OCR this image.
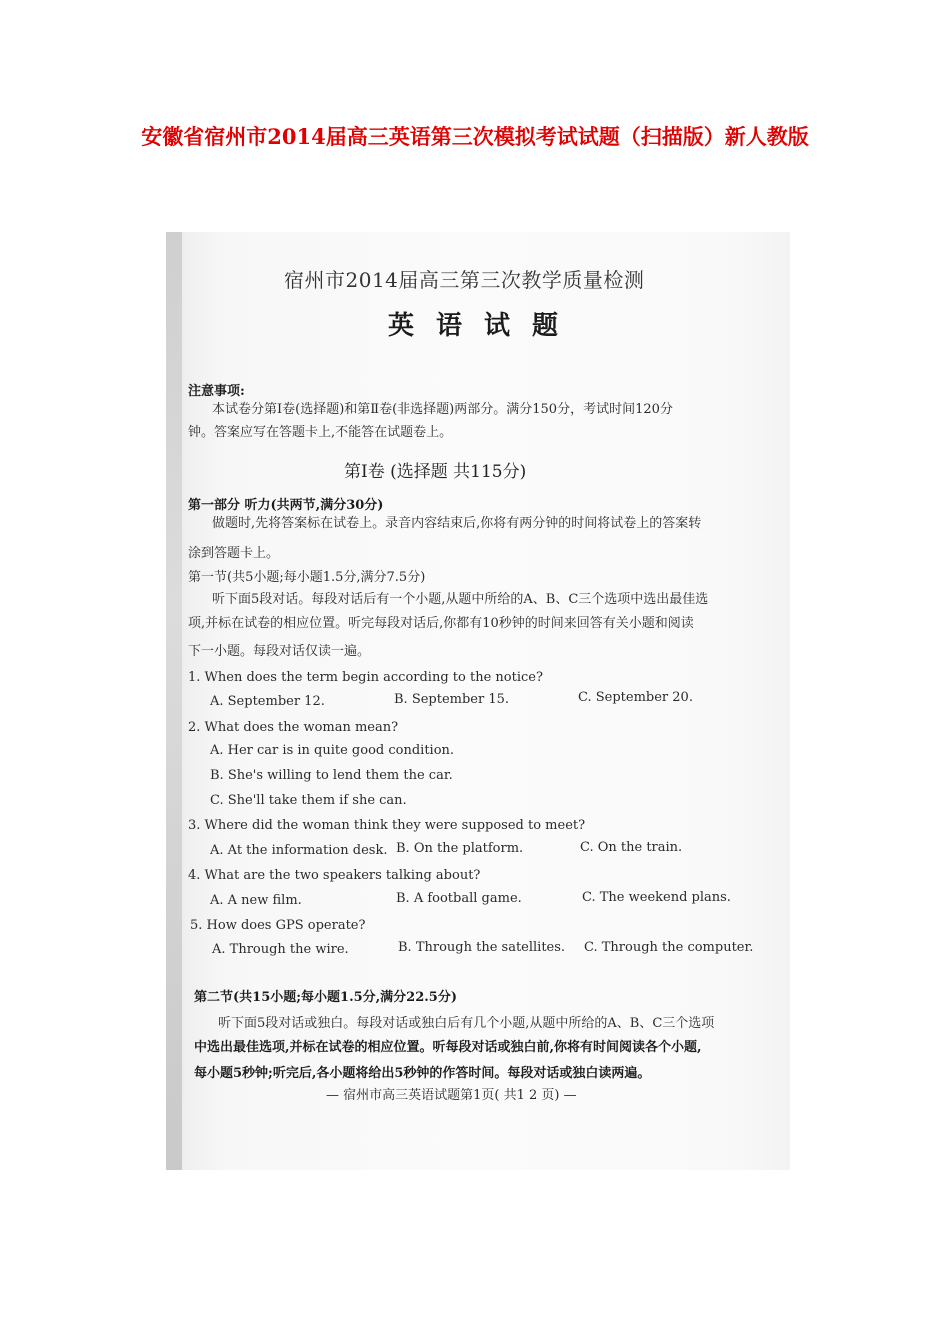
安徽省宿州市2014届高三英语第三次模拟考试试题（扫描版）新人教版
宿州市2014届高三第三次教学质量检测
英语试题
注意事项:
本试卷分第Ⅰ卷(选择题)和第Ⅱ卷(非选择题)两部分。满分150分，考试时间120分
钟。答案应写在答题卡上,不能答在试题卷上。
第Ⅰ卷 (选择题 共115分)
第一部分 听力(共两节,满分30分)
做题时,先将答案标在试卷上。录音内容结束后,你将有两分钟的时间将试卷上的答案转
涂到答题卡上。
第一节(共5小题;每小题1.5分,满分7.5分)
听下面5段对话。每段对话后有一个小题,从题中所给的A、B、C三个选项中选出最佳选
项,并标在试卷的相应位置。听完每段对话后,你都有10秒钟的时间来回答有关小题和阅读
下一小题。每段对话仅读一遍。
1. When does the term begin according to the notice?
A. September 12.	B. September 15.	C. September 20.
2. What does the woman mean?
A. Her car is in quite good condition.
B. She's willing to lend them the car.
C. She'll take them if she can.
3. Where did the woman think they were supposed to meet?
A. At the information desk. B. On the platform.	C. On the train.
4. What are the two speakers talking about?
A. A new film.	B. A football game.	C. The weekend plans.
5. How does GPS operate?
A. Through the wire.	B. Through the satellites. C. Through the computer.
第二节(共15小题;每小题1.5分,满分22.5分)
听下面5段对话或独白。每段对话或独白后有几个小题,从题中所给的A、B、C三个选项
中选出最佳选项,并标在试卷的相应位置。听每段对话或独白前,你将有时间阅读各个小题,
每小题5秒钟;听完后,各小题将给出5秒钟的作答时间。每段对话或独白读两遍。
— 宿州市高三英语试题第1页( 共1 2 页) —
